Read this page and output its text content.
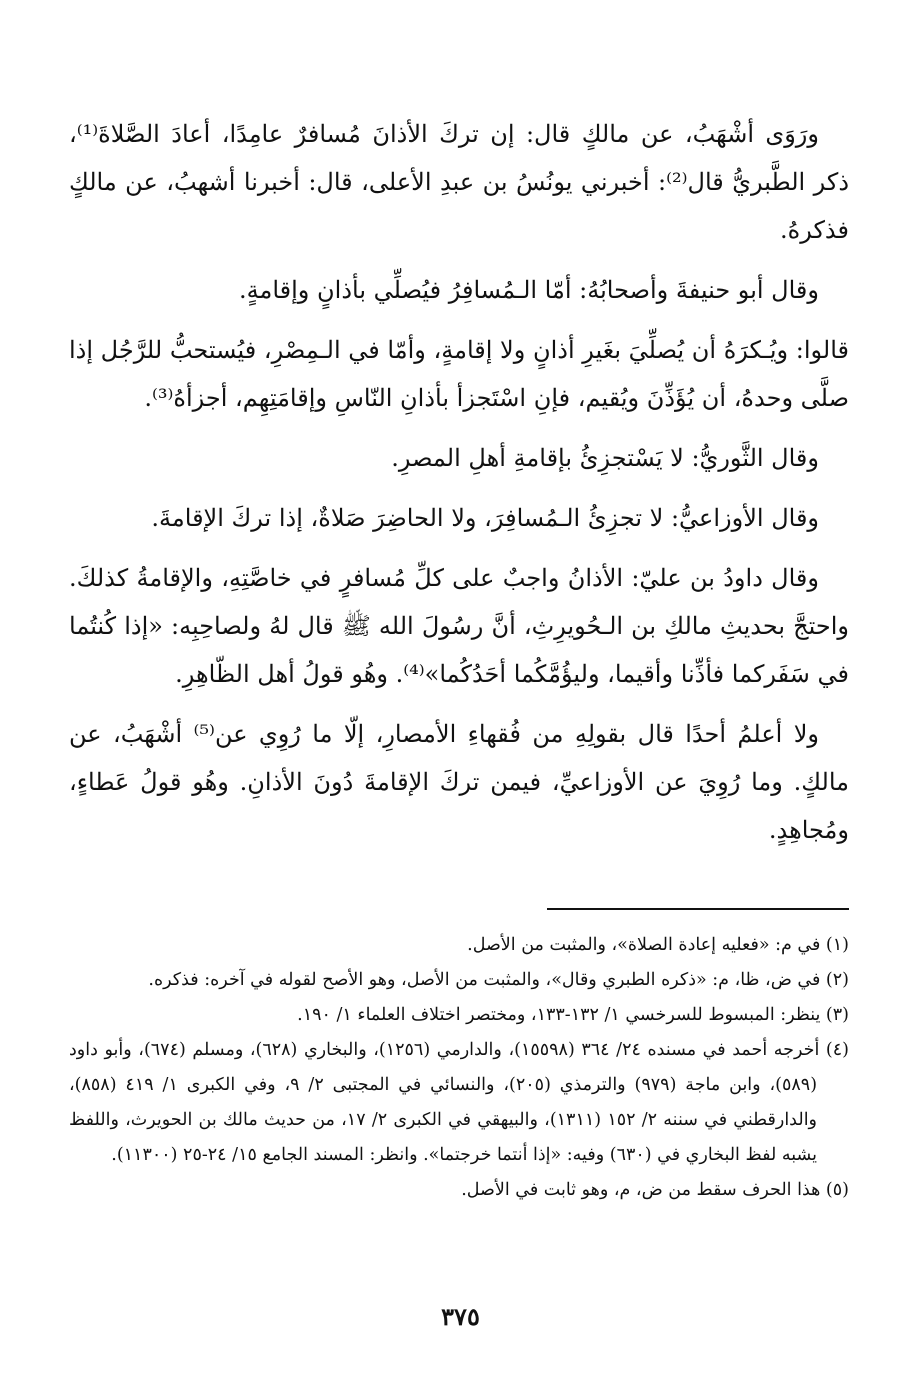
ورَوَى أشْهَبُ، عن مالكٍ قال: إن تركَ الأذانَ مُسافرٌ عامِدًا، أعادَ الصَّلاةَ⁽¹⁾، ذكر الطَّبريُّ قال⁽²⁾: أخبرني يونُسُ بن عبدِ الأعلى، قال: أخبرنا أشهبُ، عن مالكٍ فذكرهُ.

وقال أبو حنيفةَ وأصحابُهُ: أمّا الـمُسافِرُ فيُصلِّي بأذانٍ وإقامةٍ.

قالوا: ويُـكرَهُ أن يُصلِّيَ بغَيرِ أذانٍ ولا إقامةٍ، وأمّا في الـمِصْرِ، فيُستحبُّ للرَّجُل إذا صلَّى وحدهُ، أن يُؤَذِّنَ ويُقيم، فإنِ اسْتَجزأ بأذانِ النّاسِ وإقامَتِهِم، أجزأهُ⁽³⁾.

وقال الثَّوريُّ: لا يَسْتجزِئُ بإقامةِ أهلِ المصرِ.

وقال الأوزاعيُّ: لا تجزِئُ الـمُسافِرَ، ولا الحاضِرَ صَلاةٌ، إذا تركَ الإقامةَ.

وقال داودُ بن عليّ: الأذانُ واجبٌ على كلِّ مُسافرٍ في خاصَّتِهِ، والإقامةُ كذلكَ. واحتجَّ بحديثِ مالكِ بن الـحُويرِثِ، أنَّ رسُولَ الله ﷺ قال لهُ ولصاحِبِه: «إذا كُنتُما في سَفَركما فأذِّنا وأقيما، وليؤُمَّكُما أحَدُكُما»⁽⁴⁾. وهُو قولُ أهل الظّاهِرِ.

ولا أعلمُ أحدًا قال بقولِهِ من فُقهاءِ الأمصارِ، إلّا ما رُوِي عن⁽⁵⁾ أشْهَبُ، عن مالكٍ. وما رُوِيَ عن الأوزاعيِّ، فيمن تركَ الإقامةَ دُونَ الأذانِ. وهُو قولُ عَطاءٍ، ومُجاهِدٍ.

(١) في م: «فعليه إعادة الصلاة»، والمثبت من الأصل.

(٢) في ض، ظا، م: «ذكره الطبري وقال»، والمثبت من الأصل، وهو الأصح لقوله في آخره: فذكره.

(٣) ينظر: المبسوط للسرخسي ١/ ١٣٢-١٣٣، ومختصر اختلاف العلماء ١/ ١٩٠.

(٤) أخرجه أحمد في مسنده ٢٤/ ٣٦٤ (١٥٥٩٨)، والدارمي (١٢٥٦)، والبخاري (٦٢٨)، ومسلم (٦٧٤)، وأبو داود (٥٨٩)، وابن ماجة (٩٧٩) والترمذي (٢٠٥)، والنسائي في المجتبى ٢/ ٩، وفي الكبرى ١/ ٤١٩ (٨٥٨)، والدارقطني في سننه ٢/ ١٥٢ (١٣١١)، والبيهقي في الكبرى ٢/ ١٧، من حديث مالك بن الحويرث، واللفظ يشبه لفظ البخاري في (٦٣٠) وفيه: «إذا أنتما خرجتما». وانظر: المسند الجامع ١٥/ ٢٤-٢٥ (١١٣٠٠).

(٥) هذا الحرف سقط من ض، م، وهو ثابت في الأصل.

٣٧٥
